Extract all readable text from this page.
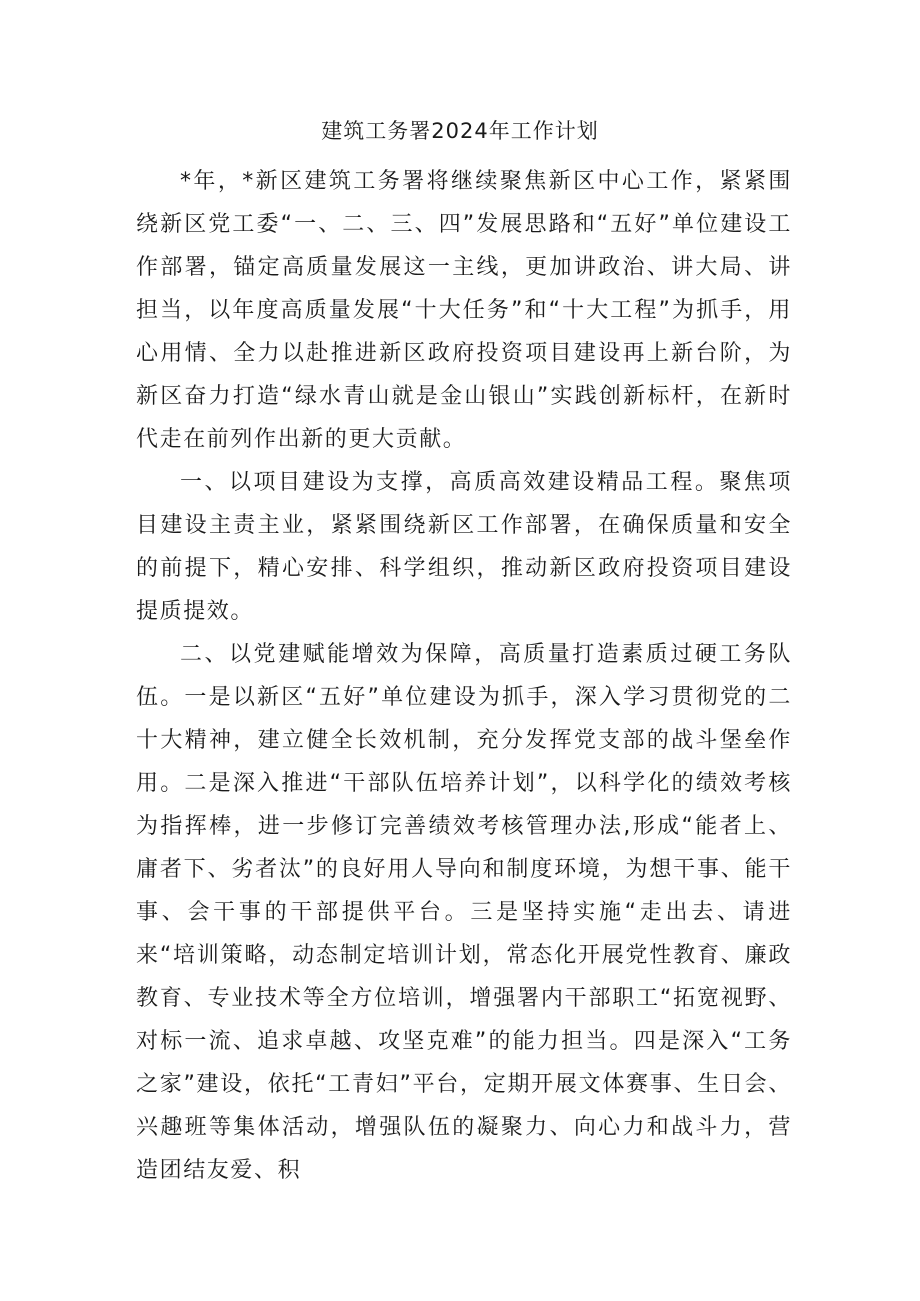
建筑工务署2024年工作计划

*年，*新区建筑工务署将继续聚焦新区中心工作，紧紧围绕新区党工委“一、二、三、四”发展思路和“五好”单位建设工作部署，锚定高质量发展这一主线，更加讲政治、讲大局、讲担当，以年度高质量发展“十大任务”和“十大工程”为抓手，用心用情、全力以赴推进新区政府投资项目建设再上新台阶，为新区奋力打造“绿水青山就是金山银山”实践创新标杆，在新时代走在前列作出新的更大贡献。

一、以项目建设为支撑，高质高效建设精品工程。聚焦项目建设主责主业，紧紧围绕新区工作部署，在确保质量和安全的前提下，精心安排、科学组织，推动新区政府投资项目建设提质提效。

二、以党建赋能增效为保障，高质量打造素质过硬工务队伍。一是以新区“五好”单位建设为抓手，深入学习贯彻党的二十大精神，建立健全长效机制，充分发挥党支部的战斗堡垒作用。二是深入推进“干部队伍培养计划”，以科学化的绩效考核为指挥棒，进一步修订完善绩效考核管理办法,形成“能者上、庸者下、劣者汰”的良好用人导向和制度环境，为想干事、能干事、会干事的干部提供平台。三是坚持实施“走出去、请进来“培训策略，动态制定培训计划，常态化开展党性教育、廉政教育、专业技术等全方位培训，增强署内干部职工“拓宽视野、对标一流、追求卓越、攻坚克难”的能力担当。四是深入“工务之家”建设，依托“工青妇”平台，定期开展文体赛事、生日会、兴趣班等集体活动，增强队伍的凝聚力、向心力和战斗力，营造团结友爱、积
